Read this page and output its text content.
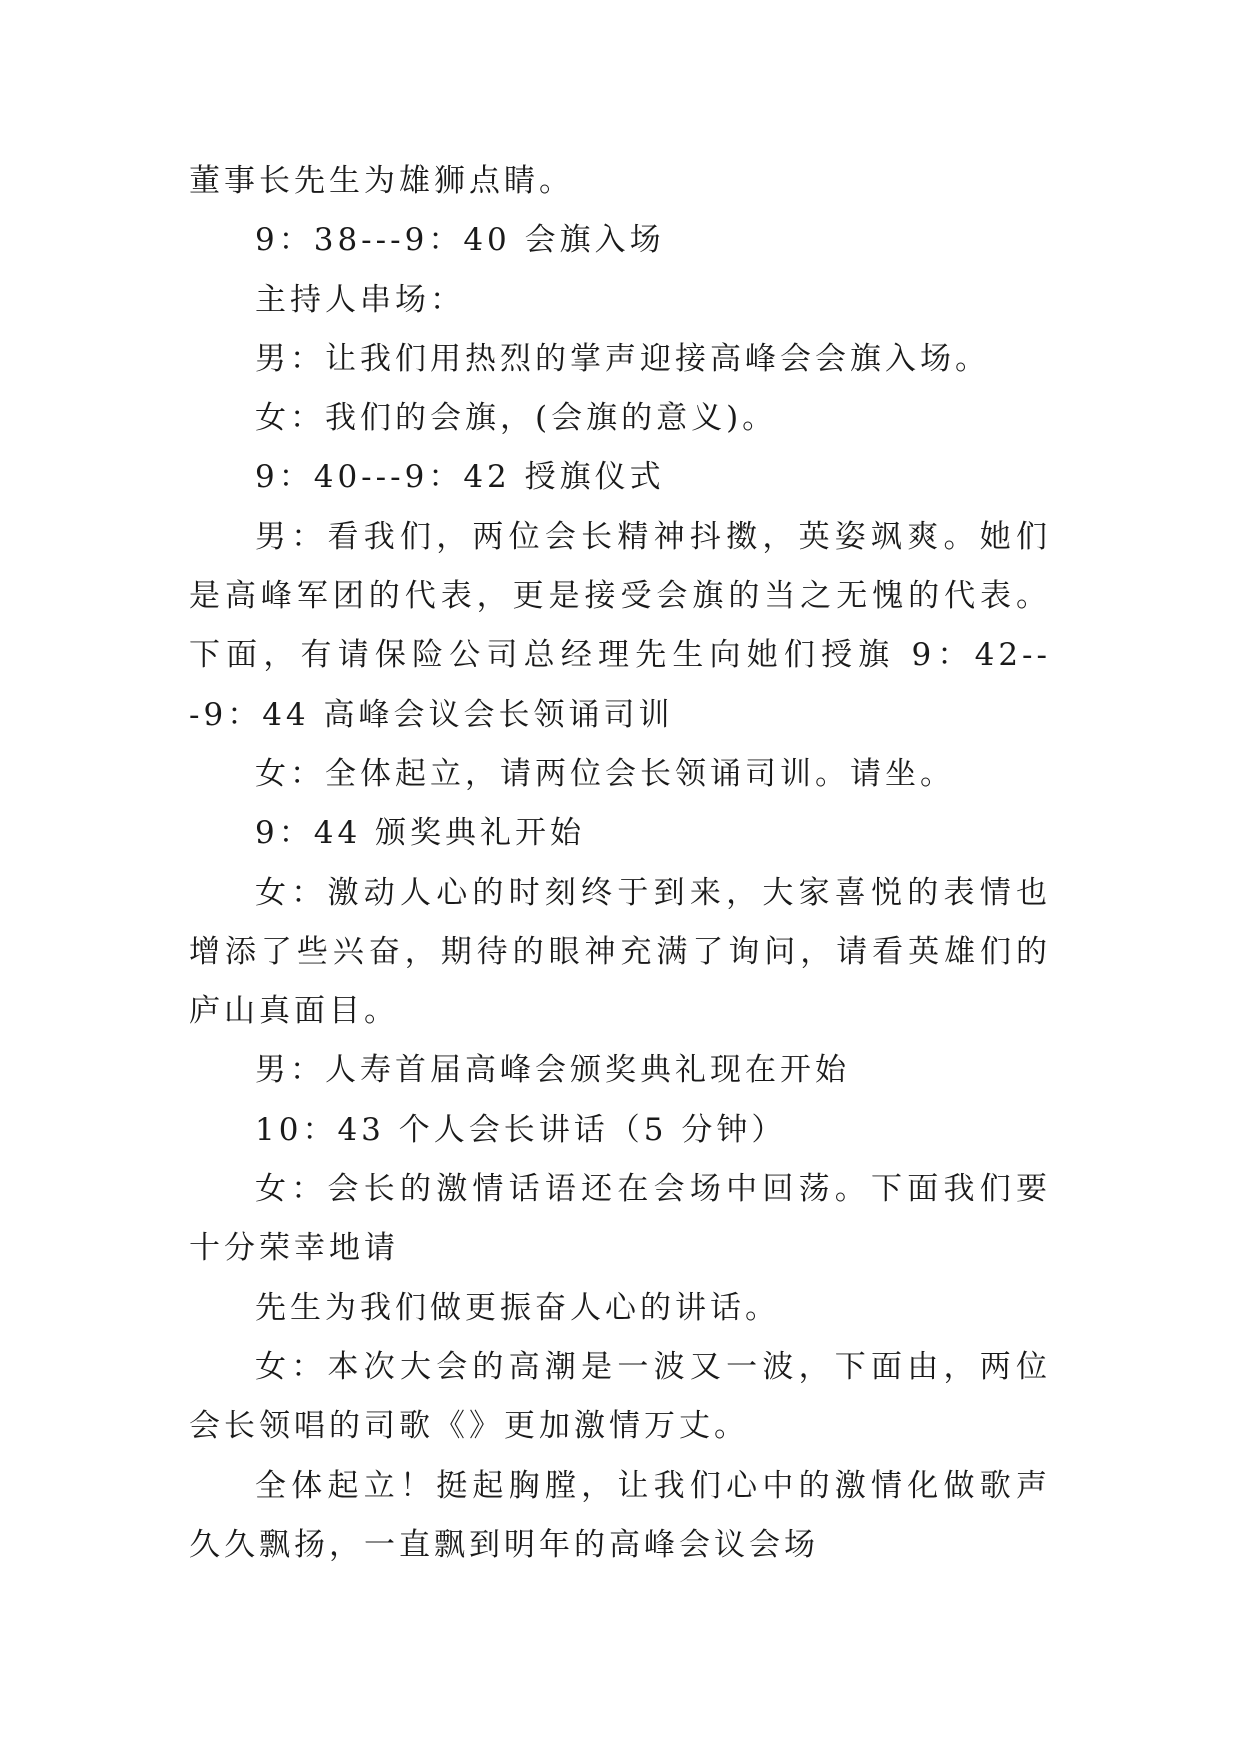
董事长先生为雄狮点睛。

9：38---9：40 会旗入场

主持人串场：

男：让我们用热烈的掌声迎接高峰会会旗入场。

女：我们的会旗，(会旗的意义)。

9：40---9：42 授旗仪式

男：看我们，两位会长精神抖擞，英姿飒爽。她们是高峰军团的代表，更是接受会旗的当之无愧的代表。下面，有请保险公司总经理先生向她们授旗 9：42---9：44 高峰会议会长领诵司训

女：全体起立，请两位会长领诵司训。请坐。

9：44 颁奖典礼开始

女：激动人心的时刻终于到来，大家喜悦的表情也增添了些兴奋，期待的眼神充满了询问，请看英雄们的庐山真面目。

男：人寿首届高峰会颁奖典礼现在开始

10：43 个人会长讲话（5 分钟）

女：会长的激情话语还在会场中回荡。下面我们要十分荣幸地请

先生为我们做更振奋人心的讲话。

女：本次大会的高潮是一波又一波，下面由，两位会长领唱的司歌《》更加激情万丈。

全体起立！挺起胸膛，让我们心中的激情化做歌声久久飘扬，一直飘到明年的高峰会议会场
